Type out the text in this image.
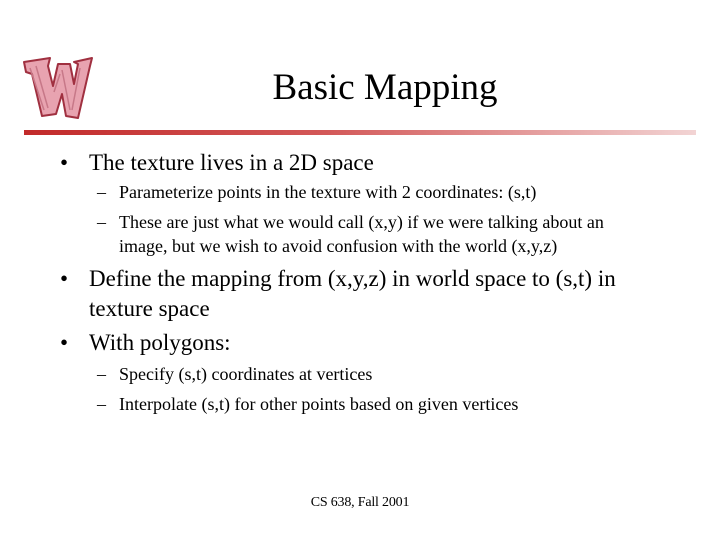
Basic Mapping
• The texture lives in a 2D space
– Parameterize points in the texture with 2 coordinates: (s,t)
– These are just what we would call (x,y) if we were talking about an
image, but we wish to avoid confusion with the world (x,y,z)
• Define the mapping from (x,y,z) in world space to (s,t) in
texture space
• With polygons:
– Specify (s,t) coordinates at vertices
– Interpolate (s,t) for other points based on given vertices
CS 638, Fall 2001
